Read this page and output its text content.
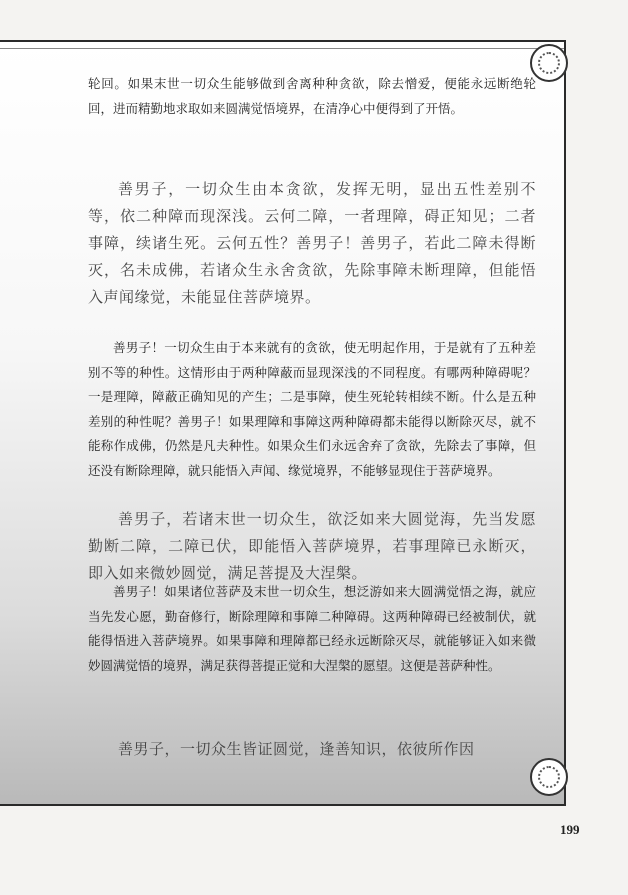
轮回。如果末世一切众生能够做到舍离种种贪欲，除去憎爱，便能永远断绝轮回，进而精勤地求取如来圆满觉悟境界，在清净心中便得到了开悟。

善男子，一切众生由本贪欲，发挥无明，显出五性差别不等，依二种障而现深浅。云何二障，一者理障，碍正知见；二者事障，续诸生死。云何五性？善男子！善男子，若此二障未得断灭，名未成佛，若诸众生永舍贪欲，先除事障未断理障，但能悟入声闻缘觉，未能显住菩萨境界。

善男子！一切众生由于本来就有的贪欲，使无明起作用，于是就有了五种差别不等的种性。这情形由于两种障蔽而显现深浅的不同程度。有哪两种障碍呢？一是理障，障蔽正确知见的产生；二是事障，使生死轮转相续不断。什么是五种差别的种性呢？善男子！如果理障和事障这两种障碍都未能得以断除灭尽，就不能称作成佛，仍然是凡夫种性。如果众生们永远舍弃了贪欲，先除去了事障，但还没有断除理障，就只能悟入声闻、缘觉境界，不能够显现住于菩萨境界。

善男子，若诸末世一切众生，欲泛如来大圆觉海，先当发愿勤断二障，二障已伏，即能悟入菩萨境界，若事理障已永断灭，即入如来微妙圆觉，满足菩提及大涅槃。

善男子！如果诸位菩萨及末世一切众生，想泛游如来大圆满觉悟之海，就应当先发心愿，勤奋修行，断除理障和事障二种障碍。这两种障碍已经被制伏，就能得悟进入菩萨境界。如果事障和理障都已经永远断除灭尽，就能够证入如来微妙圆满觉悟的境界，满足获得菩提正觉和大涅槃的愿望。这便是菩萨种性。

善男子，一切众生皆证圆觉，逢善知识，依彼所作因

199
